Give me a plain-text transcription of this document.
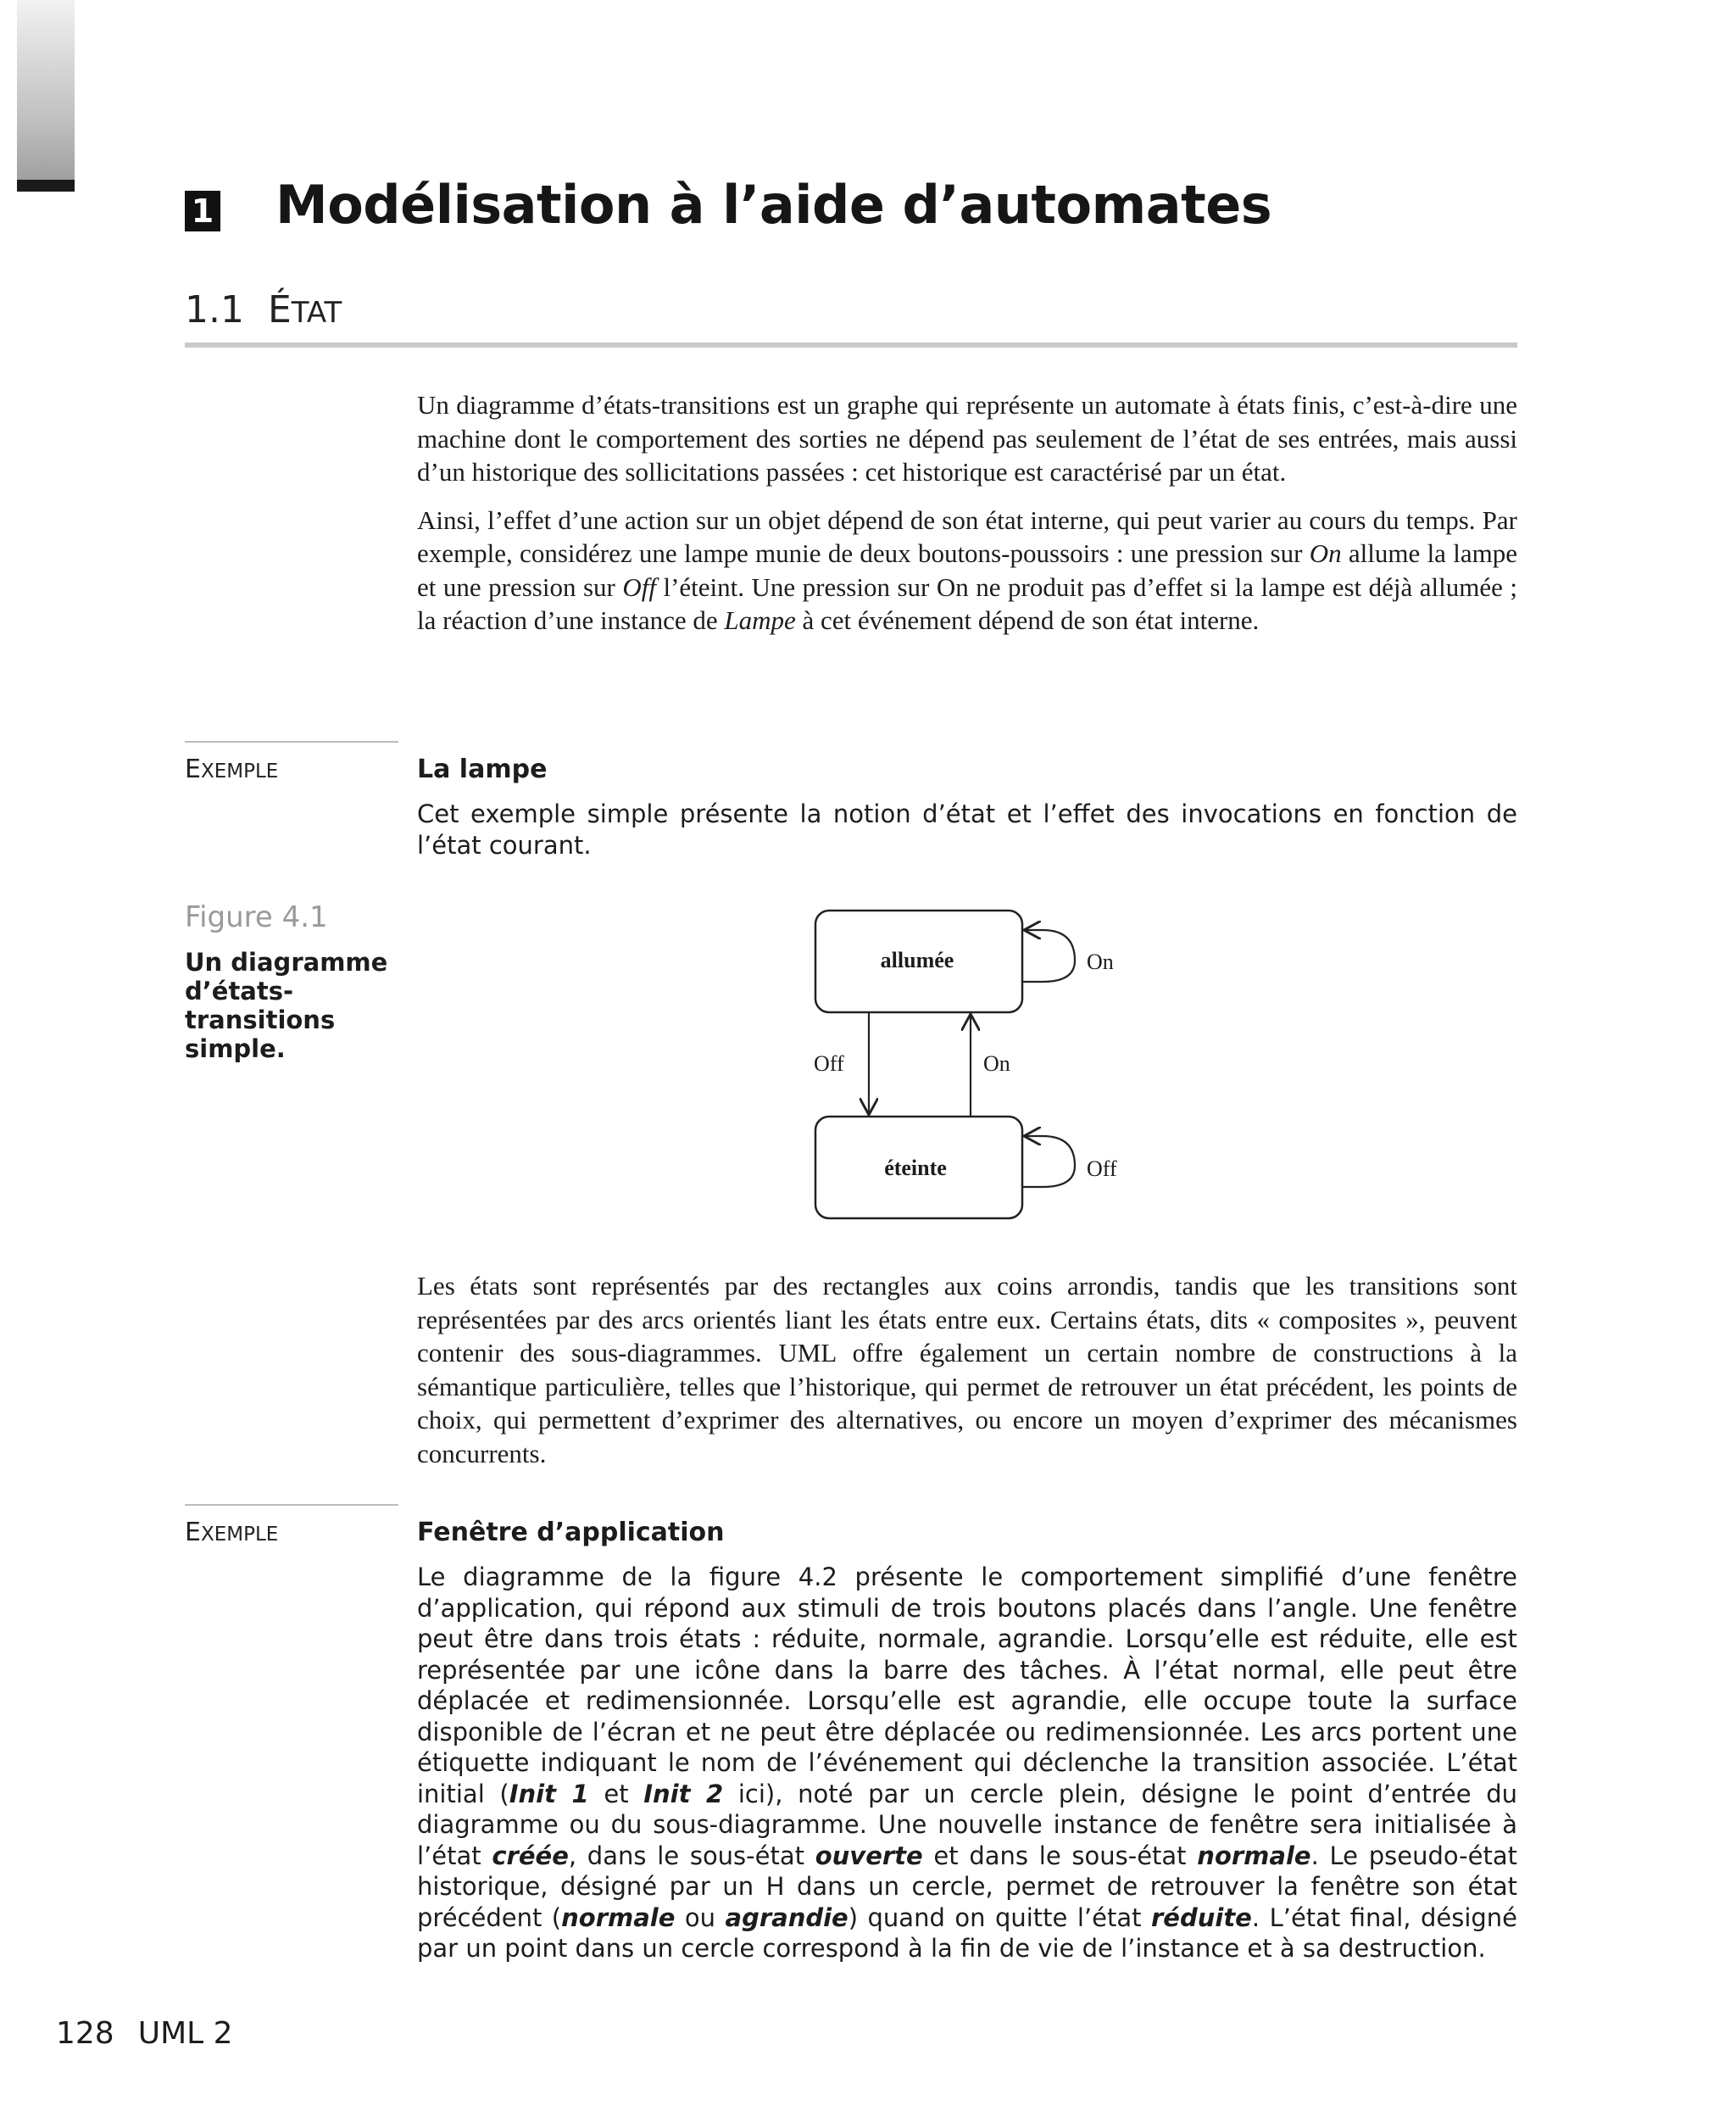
1 Modélisation à l’aide d’automates
1.1 ÉTAT

Un diagramme d’états-transitions est un graphe qui représente un automate à états finis, c’est-à-dire une machine dont le comportement des sorties ne dépend pas seulement de l’état de ses entrées, mais aussi d’un historique des sollicitations passées : cet historique est caractérisé par un état.

Ainsi, l’effet d’une action sur un objet dépend de son état interne, qui peut varier au cours du temps. Par exemple, considérez une lampe munie de deux boutons-poussoirs : une pression sur On allume la lampe et une pression sur Off l’éteint. Une pression sur On ne produit pas d’effet si la lampe est déjà allumée ; la réaction d’une instance de Lampe à cet événement dépend de son état interne.

EXEMPLE	La lampe

Cet exemple simple présente la notion d’état et l’effet des invocations en fonction de l’état courant.

Figure 4.1
Un diagramme d’états-transitions simple.
allumée
éteinte
On
Off
Off	On

Les états sont représentés par des rectangles aux coins arrondis, tandis que les transitions sont représentées par des arcs orientés liant les états entre eux. Certains états, dits « composites », peuvent contenir des sous-diagrammes. UML offre également un certain nombre de constructions à la sémantique particulière, telles que l’historique, qui permet de retrouver un état précédent, les points de choix, qui permettent d’exprimer des alternatives, ou encore un moyen d’exprimer des mécanismes concurrents.

EXEMPLE	Fenêtre d’application

Le diagramme de la figure 4.2 présente le comportement simplifié d’une fenêtre d’application, qui répond aux stimuli de trois boutons placés dans l’angle. Une fenêtre peut être dans trois états : réduite, normale, agrandie. Lorsqu’elle est réduite, elle est représentée par une icône dans la barre des tâches. À l’état normal, elle peut être déplacée et redimensionnée. Lorsqu’elle est agrandie, elle occupe toute la surface disponible de l’écran et ne peut être déplacée ou redimensionnée. Les arcs portent une étiquette indiquant le nom de l’événement qui déclenche la transition associée. L’état initial (Init 1 et Init 2 ici), noté par un cercle plein, désigne le point d’entrée du diagramme ou du sous-diagramme. Une nouvelle instance de fenêtre sera initialisée à l’état créée, dans le sous-état ouverte et dans le sous-état normale. Le pseudo-état historique, désigné par un H dans un cercle, permet de retrouver la fenêtre son état précédent (normale ou agrandie) quand on quitte l’état réduite. L’état final, désigné par un point dans un cercle correspond à la fin de vie de l’instance et à sa destruction.

128 UML 2
